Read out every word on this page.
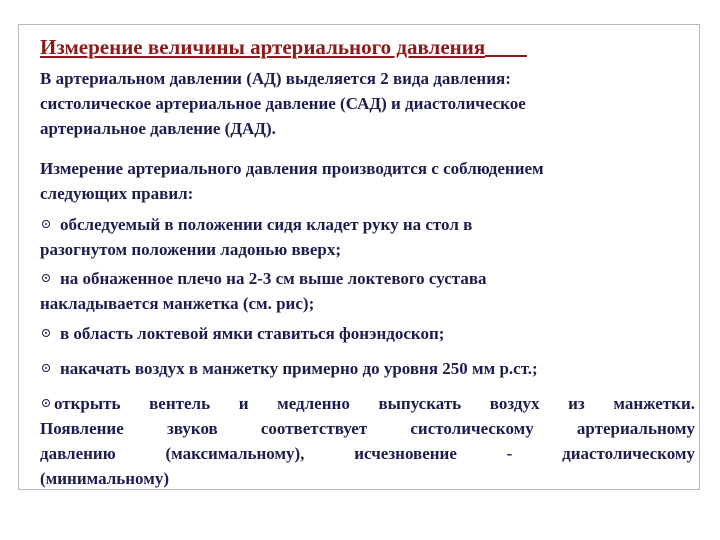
Измерение величины артериального давления
В артериальном давлении (АД) выделяется 2 вида давления:
систолическое артериальное давление (САД) и диастолическое
артериальное давление (ДАД).
Измерение артериального давления производится с соблюдением
следующих правил:
обследуемый в положении сидя кладет руку на стол в
разогнутом положении ладонью вверх;
на обнаженное плечо на 2-3 см выше локтевого сустава
накладывается манжетка (см. рис);
в область локтевой ямки ставиться фонэндоскоп;
накачать воздух в манжетку примерно до уровня 250 мм р.ст.;
открыть вентель и медленно выпускать воздух из манжетки.
Появление звуков соответствует систолическому артериальному
давлению (максимальному), исчезновение - диастолическому
(минимальному)
